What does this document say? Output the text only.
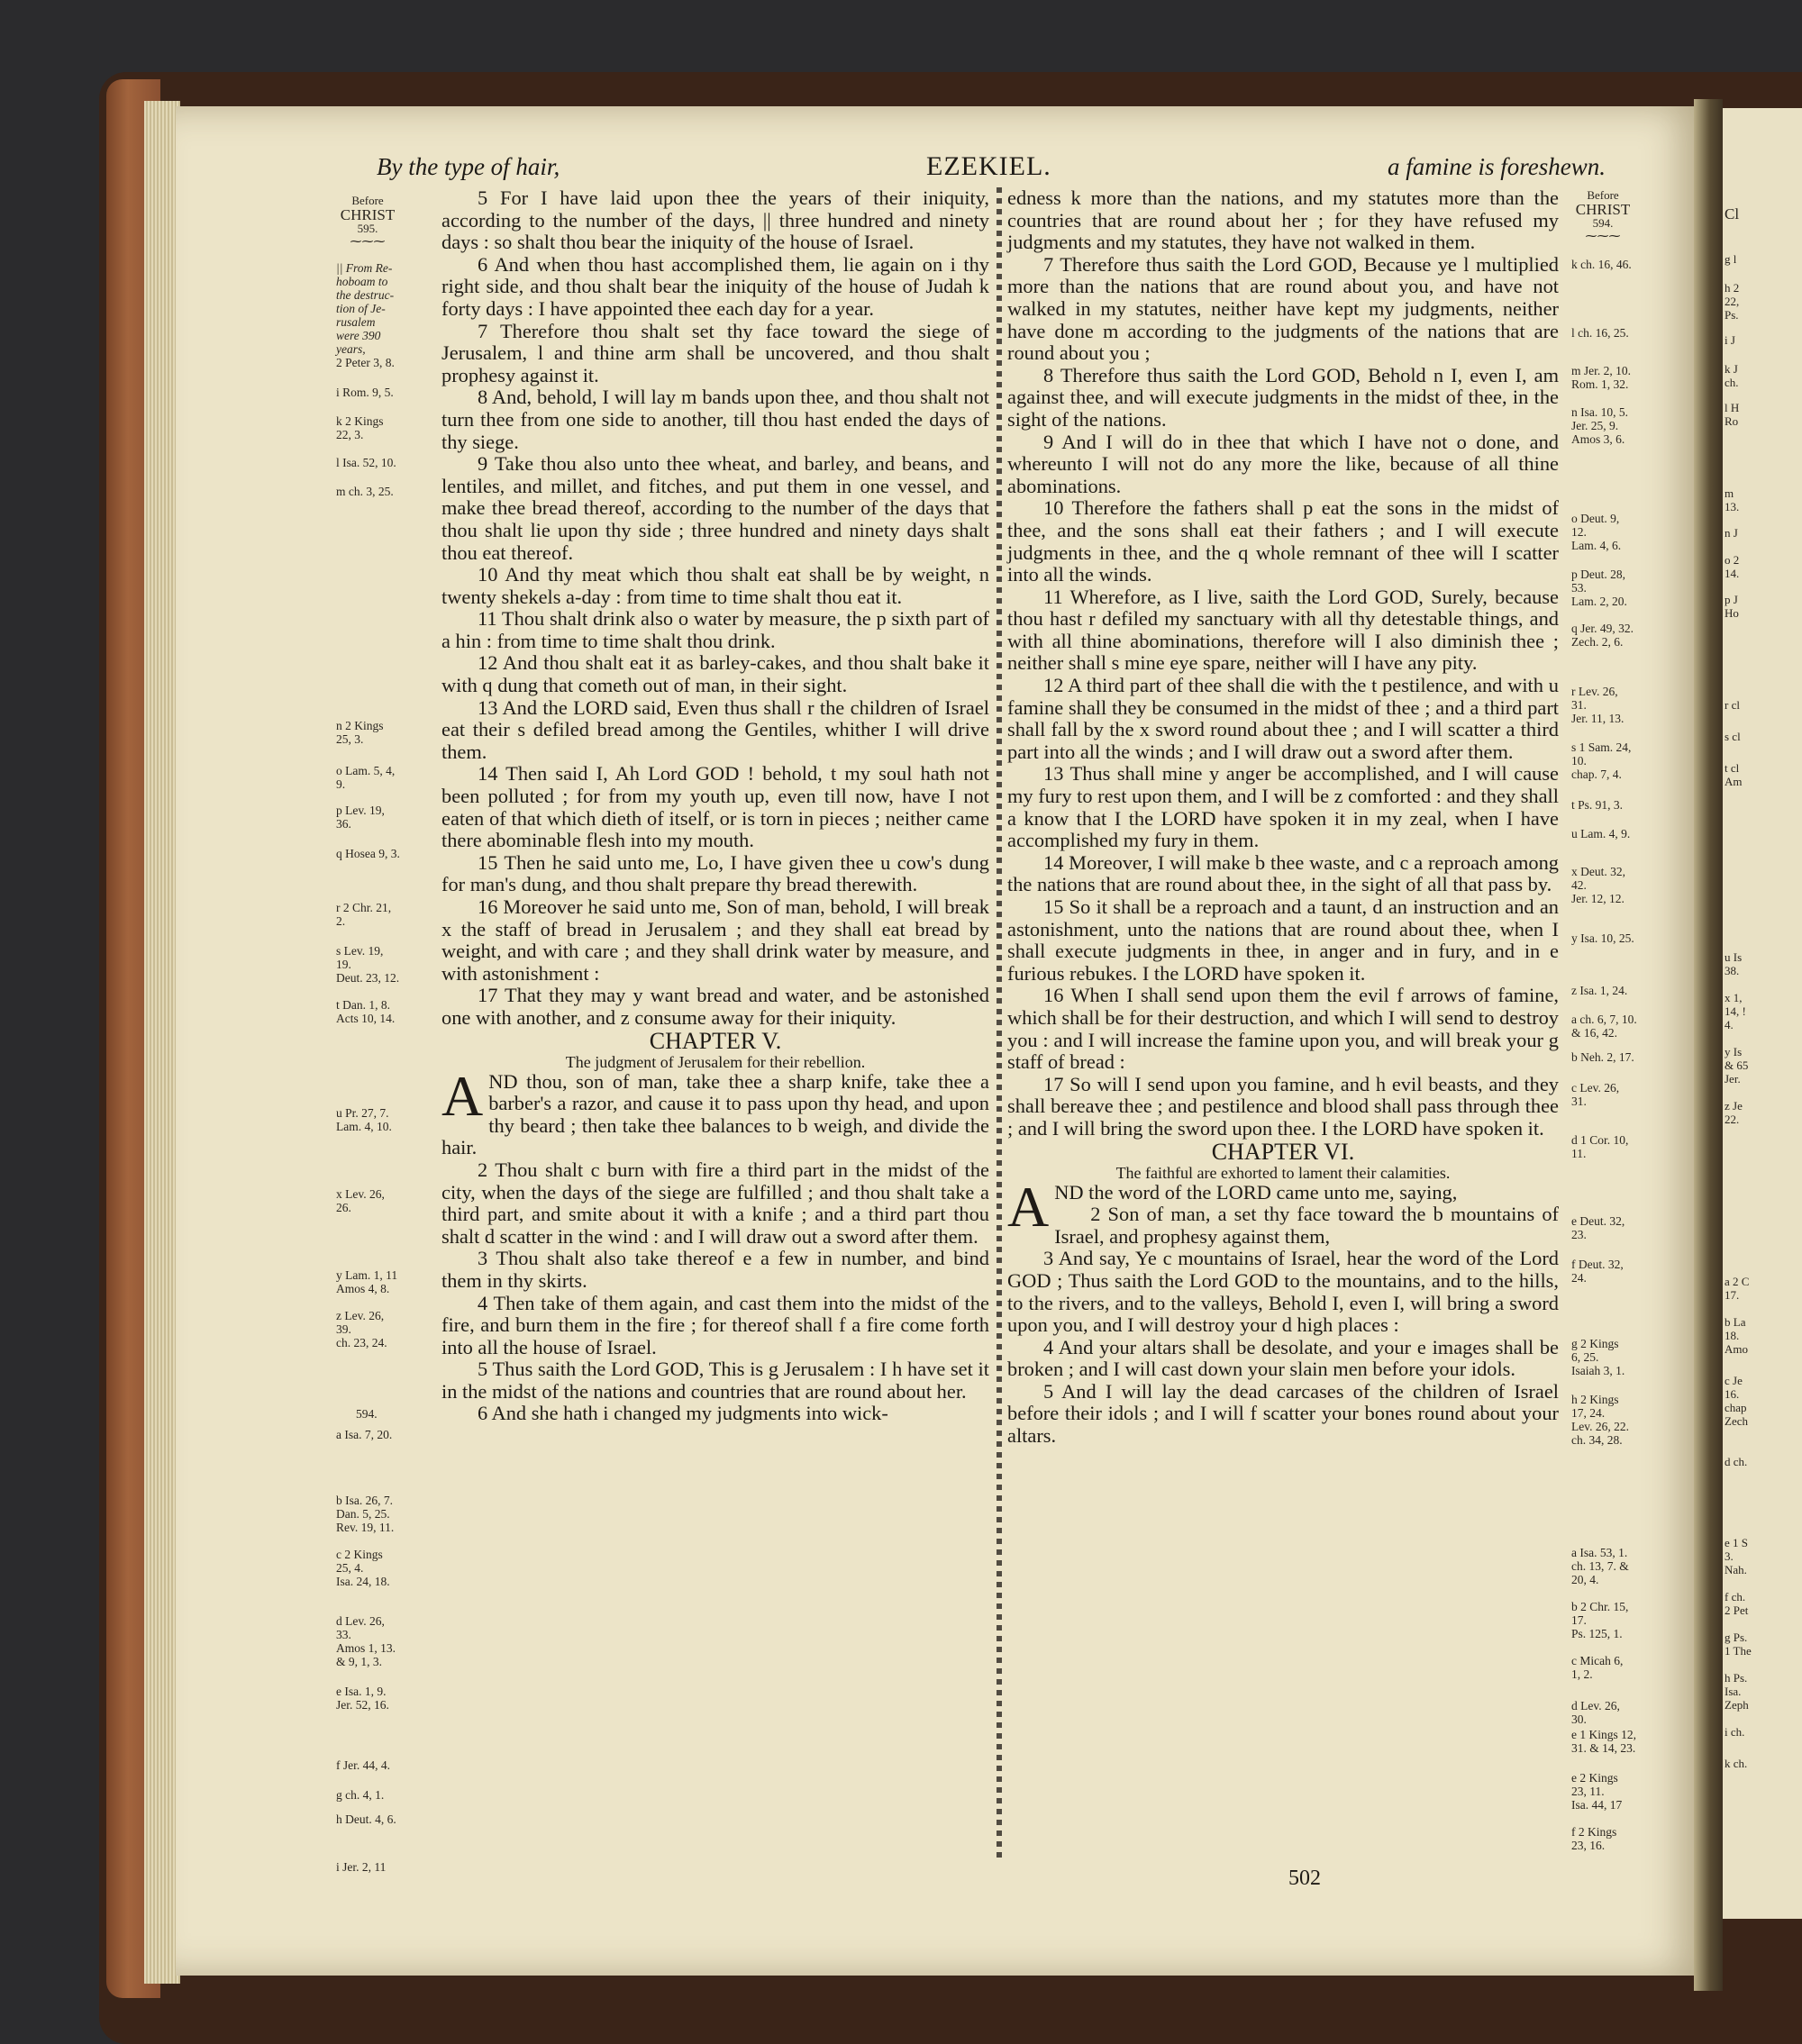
Cl
g l
h 2
22,
Ps.
i J
k J
ch.
l H
Ro
m
13.
n J
o 2
14.
p J
Ho
r cl
s cl
t cl
Am
u Is
38.
x 1,
14, !
4.
y Is
& 65
Jer.
z Je
22.
a 2 C
17.
b La
18.
Amo
c Je
16.
chap
Zech
d ch.
e 1 S
3.
Nah.
f ch.
2 Pet
g Ps.
1 The
h Ps.
Isa.
Zeph
i ch.
k ch.
By the type of hair,	EZEKIEL.	a famine is foreshewn.
Before
CHRIST
595.
⁓⁓⁓
|| From Re-
hoboam to
the destruc-
tion of Je-
rusalem
were 390
years,
2 Peter 3, 8.
i Rom. 9, 5.
k 2 Kings
22, 3.
l Isa. 52, 10.
m ch. 3, 25.
n 2 Kings
25, 3.
o Lam. 5, 4,
9.
p Lev. 19,
36.
q Hosea 9, 3.
r 2 Chr. 21,
2.
s Lev. 19,
19.
Deut. 23, 12.
t Dan. 1, 8.
Acts 10, 14.
u Pr. 27, 7.
Lam. 4, 10.
x Lev. 26,
26.
y Lam. 1, 11
Amos 4, 8.
z Lev. 26,
39.
ch. 23, 24.
594.
a Isa. 7, 20.
b Isa. 26, 7.
Dan. 5, 25.
Rev. 19, 11.
c 2 Kings
25, 4.
Isa. 24, 18.
d Lev. 26,
33.
Amos 1, 13.
& 9, 1, 3.
e Isa. 1, 9.
Jer. 52, 16.
f Jer. 44, 4.
g ch. 4, 1.
h Deut. 4, 6.
i Jer. 2, 11
Before
CHRIST
594.
⁓⁓⁓
k ch. 16, 46.
l ch. 16, 25.
m Jer. 2, 10.
Rom. 1, 32.
n Isa. 10, 5.
Jer. 25, 9.
Amos 3, 6.
o Deut. 9,
12.
Lam. 4, 6.
p Deut. 28,
53.
Lam. 2, 20.
q Jer. 49, 32.
Zech. 2, 6.
r Lev. 26,
31.
Jer. 11, 13.
s 1 Sam. 24,
10.
chap. 7, 4.
t Ps. 91, 3.
u Lam. 4, 9.
x Deut. 32,
42.
Jer. 12, 12.
y Isa. 10, 25.
z Isa. 1, 24.
a ch. 6, 7, 10.
& 16, 42.
b Neh. 2, 17.
c Lev. 26,
31.
d 1 Cor. 10,
11.
e Deut. 32,
23.
f Deut. 32,
24.
g 2 Kings
6, 25.
Isaiah 3, 1.
h 2 Kings
17, 24.
Lev. 26, 22.
ch. 34, 28.
a Isa. 53, 1.
ch. 13, 7. &
20, 4.
b 2 Chr. 15,
17.
Ps. 125, 1.
c Micah 6,
1, 2.
d Lev. 26,
30.
e 1 Kings 12,
31. & 14, 23.
e 2 Kings
23, 11.
Isa. 44, 17
f 2 Kings
23, 16.

5 For I have laid upon thee the years of their iniquity, according to the number of the days, || three hundred and ninety days : so shalt thou bear the iniquity of the house of Israel.

6 And when thou hast accomplished them, lie again on i thy right side, and thou shalt bear the iniquity of the house of Judah k forty days : I have appointed thee each day for a year.

7 Therefore thou shalt set thy face toward the siege of Jerusalem, l and thine arm shall be uncovered, and thou shalt prophesy against it.

8 And, behold, I will lay m bands upon thee, and thou shalt not turn thee from one side to another, till thou hast ended the days of thy siege.

9 Take thou also unto thee wheat, and barley, and beans, and lentiles, and millet, and fitches, and put them in one vessel, and make thee bread thereof, according to the number of the days that thou shalt lie upon thy side ; three hundred and ninety days shalt thou eat thereof.

10 And thy meat which thou shalt eat shall be by weight, n twenty shekels a-day : from time to time shalt thou eat it.

11 Thou shalt drink also o water by measure, the p sixth part of a hin : from time to time shalt thou drink.

12 And thou shalt eat it as barley-cakes, and thou shalt bake it with q dung that cometh out of man, in their sight.

13 And the LORD said, Even thus shall r the children of Israel eat their s defiled bread among the Gentiles, whither I will drive them.

14 Then said I, Ah Lord GOD ! behold, t my soul hath not been polluted ; for from my youth up, even till now, have I not eaten of that which dieth of itself, or is torn in pieces ; neither came there abominable flesh into my mouth.

15 Then he said unto me, Lo, I have given thee u cow's dung for man's dung, and thou shalt prepare thy bread therewith.

16 Moreover he said unto me, Son of man, behold, I will break x the staff of bread in Jerusalem ; and they shall eat bread by weight, and with care ; and they shall drink water by measure, and with astonishment :

17 That they may y want bread and water, and be astonished one with another, and z consume away for their iniquity.

CHAPTER V.

The judgment of Jerusalem for their rebellion.

AND thou, son of man, take thee a sharp knife, take thee a barber's a razor, and cause it to pass upon thy head, and upon thy beard ; then take thee balances to b weigh, and divide the hair.

2 Thou shalt c burn with fire a third part in the midst of the city, when the days of the siege are fulfilled ; and thou shalt take a third part, and smite about it with a knife ; and a third part thou shalt d scatter in the wind : and I will draw out a sword after them.

3 Thou shalt also take thereof e a few in number, and bind them in thy skirts.

4 Then take of them again, and cast them into the midst of the fire, and burn them in the fire ; for thereof shall f a fire come forth into all the house of Israel.

5 Thus saith the Lord GOD, This is g Jerusalem : I h have set it in the midst of the nations and countries that are round about her.

6 And she hath i changed my judgments into wick-

edness k more than the nations, and my statutes more than the countries that are round about her ; for they have refused my judgments and my statutes, they have not walked in them.

7 Therefore thus saith the Lord GOD, Because ye l multiplied more than the nations that are round about you, and have not walked in my statutes, neither have kept my judgments, neither have done m according to the judgments of the nations that are round about you ;

8 Therefore thus saith the Lord GOD, Behold n I, even I, am against thee, and will execute judgments in the midst of thee, in the sight of the nations.

9 And I will do in thee that which I have not o done, and whereunto I will not do any more the like, because of all thine abominations.

10 Therefore the fathers shall p eat the sons in the midst of thee, and the sons shall eat their fathers ; and I will execute judgments in thee, and the q whole remnant of thee will I scatter into all the winds.

11 Wherefore, as I live, saith the Lord GOD, Surely, because thou hast r defiled my sanctuary with all thy detestable things, and with all thine abominations, therefore will I also diminish thee ; neither shall s mine eye spare, neither will I have any pity.

12 A third part of thee shall die with the t pestilence, and with u famine shall they be consumed in the midst of thee ; and a third part shall fall by the x sword round about thee ; and I will scatter a third part into all the winds ; and I will draw out a sword after them.

13 Thus shall mine y anger be accomplished, and I will cause my fury to rest upon them, and I will be z comforted : and they shall a know that I the LORD have spoken it in my zeal, when I have accomplished my fury in them.

14 Moreover, I will make b thee waste, and c a reproach among the nations that are round about thee, in the sight of all that pass by.

15 So it shall be a reproach and a taunt, d an instruction and an astonishment, unto the nations that are round about thee, when I shall execute judgments in thee, in anger and in fury, and in e furious rebukes. I the LORD have spoken it.

16 When I shall send upon them the evil f arrows of famine, which shall be for their destruction, and which I will send to destroy you : and I will increase the famine upon you, and will break your g staff of bread :

17 So will I send upon you famine, and h evil beasts, and they shall bereave thee ; and pestilence and blood shall pass through thee ; and I will bring the sword upon thee. I the LORD have spoken it.

CHAPTER VI.

The faithful are exhorted to lament their calamities.

AND the word of the LORD came unto me, saying,

2 Son of man, a set thy face toward the b mountains of Israel, and prophesy against them,

3 And say, Ye c mountains of Israel, hear the word of the Lord GOD ; Thus saith the Lord GOD to the mountains, and to the hills, to the rivers, and to the valleys, Behold I, even I, will bring a sword upon you, and I will destroy your d high places :

4 And your altars shall be desolate, and your e images shall be broken ; and I will cast down your slain men before your idols.

5 And I will lay the dead carcases of the children of Israel before their idols ; and I will f scatter your bones round about your altars.

502
